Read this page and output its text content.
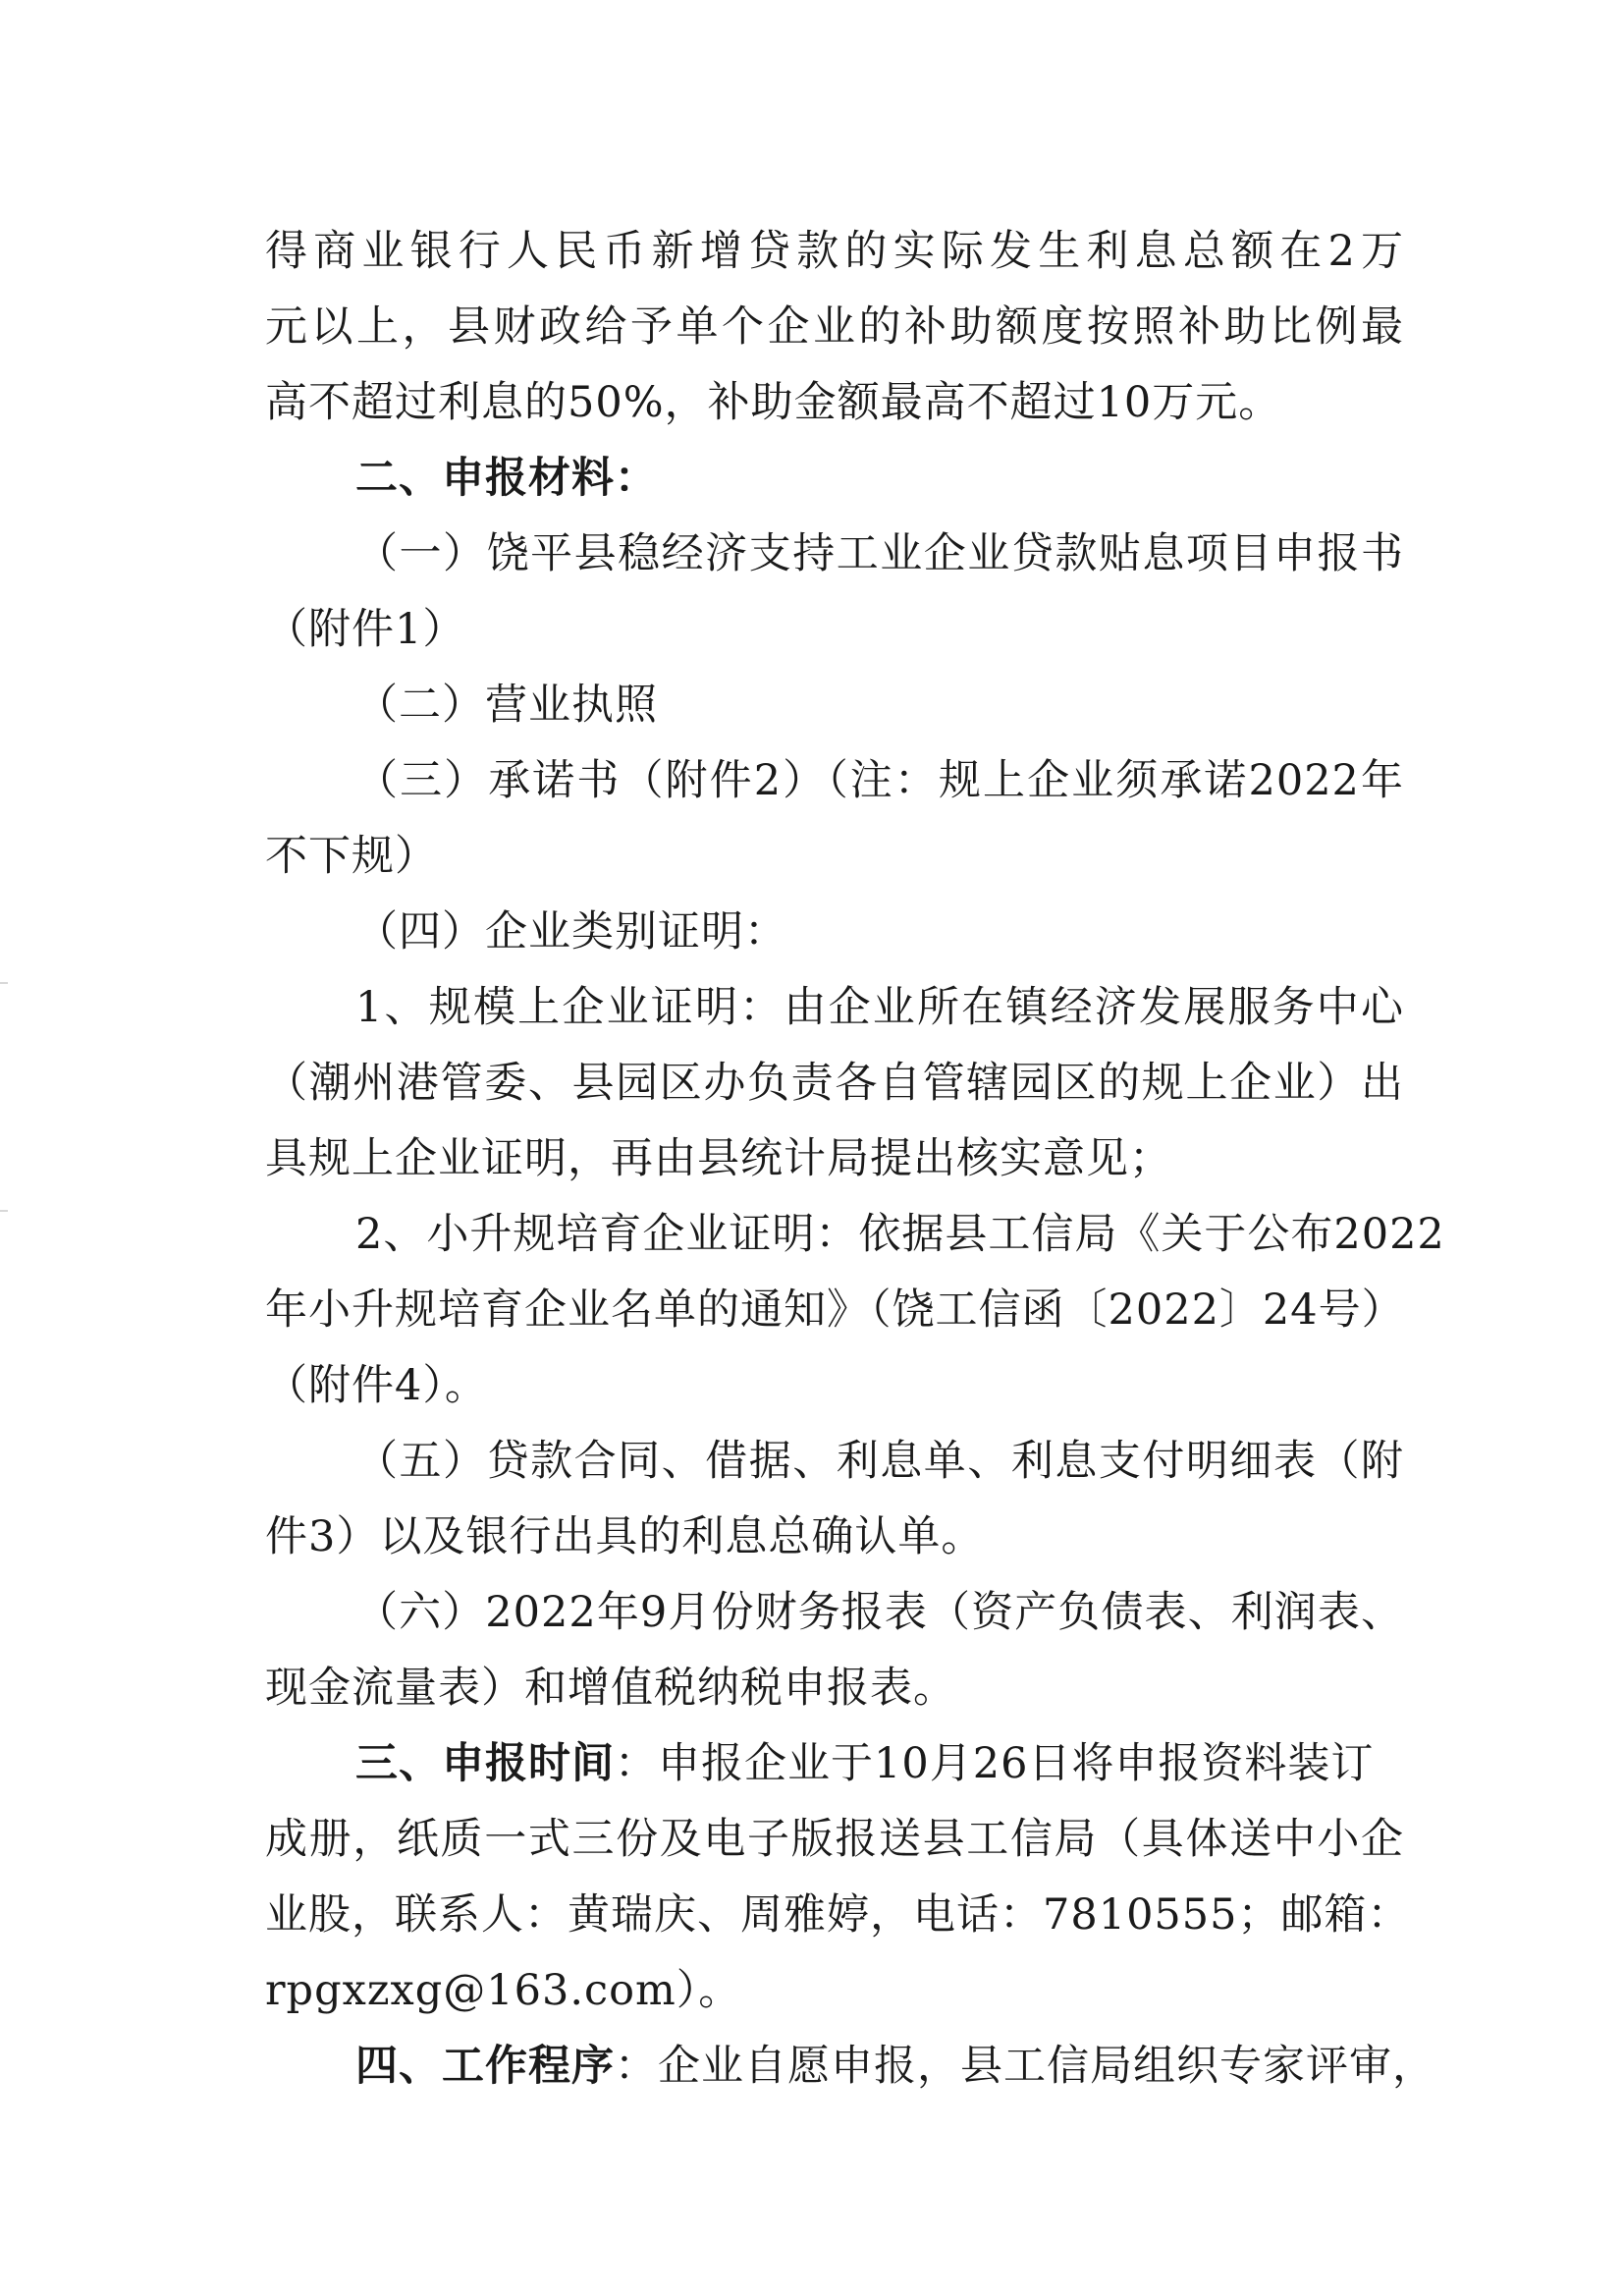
得商业银行人民币新增贷款的实际发生利息总额在2万
元以上，县财政给予单个企业的补助额度按照补助比例最
高不超过利息的50%，补助金额最高不超过10万元。
二、申报材料：
（一）饶平县稳经济支持工业企业贷款贴息项目申报书
（附件1）
（二）营业执照
（三）承诺书（附件2）（注：规上企业须承诺2022年
不下规）
（四）企业类别证明：
1、规模上企业证明：由企业所在镇经济发展服务中心
（潮州港管委、县园区办负责各自管辖园区的规上企业）出
具规上企业证明，再由县统计局提出核实意见；
2、小升规培育企业证明：依据县工信局《关于公布2022
年小升规培育企业名单的通知》（饶工信函〔2022〕24号）
（附件4）。
（五）贷款合同、借据、利息单、利息支付明细表（附
件3）以及银行出具的利息总确认单。
（六）2022年9月份财务报表（资产负债表、利润表、
现金流量表）和增值税纳税申报表。
三、申报时间：申报企业于10月26日将申报资料装订
成册，纸质一式三份及电子版报送县工信局（具体送中小企
业股，联系人：黄瑞庆、周雅婷，电话：7810555；邮箱：
rpgxzxg@163.com）。
四、工作程序：企业自愿申报，县工信局组织专家评审，
